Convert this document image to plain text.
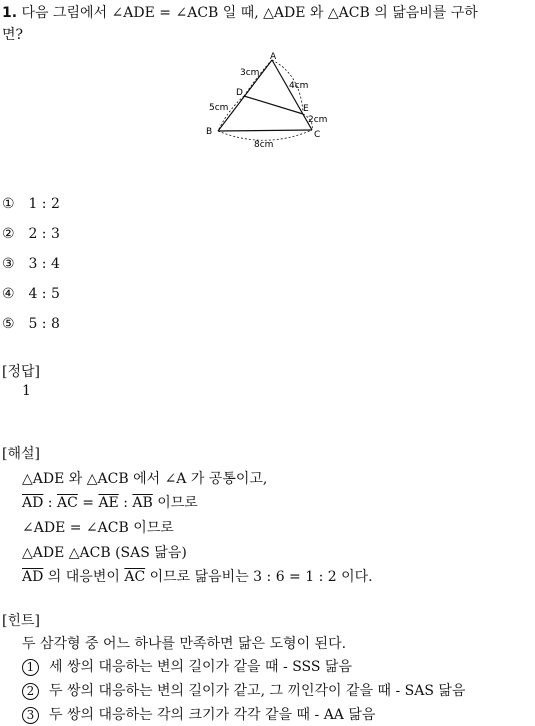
1. 다음 그림에서 ∠ADE = ∠ACB 일 때, △ADE 와 △ACB 의 닮음비를 구하
면?
A
B	C
D
E
3cm
4cm
5cm
2cm
8cm
① 1 : 2
② 2 : 3
③ 3 : 4
④ 4 : 5
⑤ 5 : 8
[정답]
1
[해설]
△ADE 와 △ACB 에서 ∠A 가 공통이고,
$\overline{AD}$ : $\overline{AC} = \overline{AE}$ : $\overline{AB}$ 이므로
∠ADE = ∠ACB 이므로
△ADE △ACB (SAS 닮음)
$\overline{AD}$ 의 대응변이 $\overline{AC}$ 이므로 닮음비는 3 : 6 = 1 : 2 이다.
[힌트]
두 삼각형 중 어느 하나를 만족하면 닮은 도형이 된다.
1 세 쌍의 대응하는 변의 길이가 같을 때 - SSS 닮음
2 두 쌍의 대응하는 변의 길이가 같고, 그 끼인각이 같을 때 - SAS 닮음
3 두 쌍의 대응하는 각의 크기가 각각 같을 때 - AA 닮음
